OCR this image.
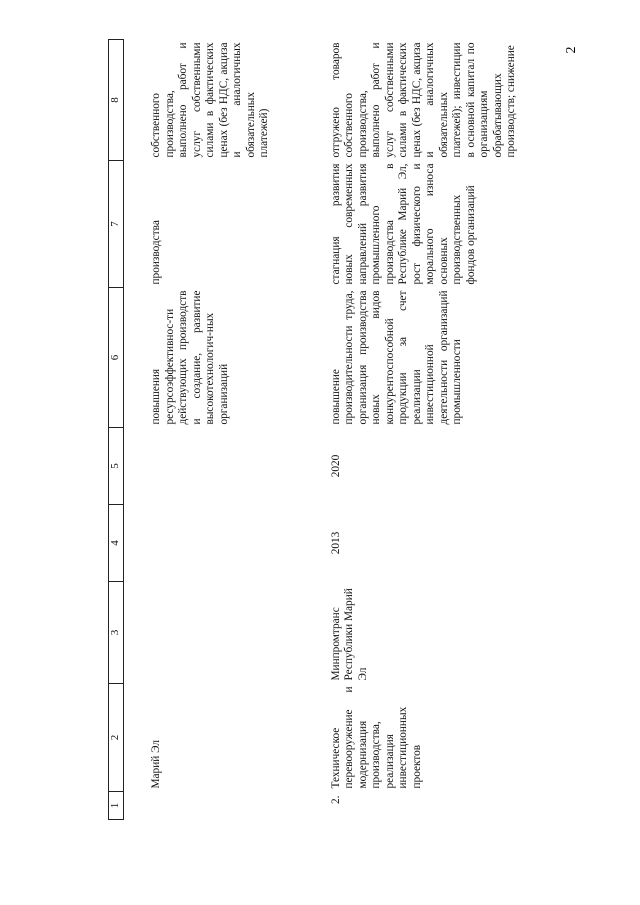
2
1	2	3	4	5	6	7	8
	Марий Эл				повышения ресурсоэффективнос-ти действующих производств и создание, развитие высокотехнологич-ных организаций	производства	собственного производства, выполнено работ и услуг собственными силами в фактических ценах (без НДС, акциза и аналогичных обязательных платежей)
2.	Техническое перевооружение и модернизация производства, реализация инвестиционных проектов	Минпромтранс Республики Марий Эл	2013	2020	повышение производительности труда, организация производства новых видов конкурентоспособной продукции за счет реализации инвестиционной деятельности организаций промышленности	стагнация развития новых современных направлений развития промышленного производства в Республике Марий Эл, рост физического и морального износа основных производственных фондов организаций	отгружено товаров собственного производства, выполнено работ и услуг собственными силами в фактических ценах (без НДС, акциза и аналогичных обязательных платежей); инвестиции в основной капитал по организациям обрабатывающих производств; снижение
